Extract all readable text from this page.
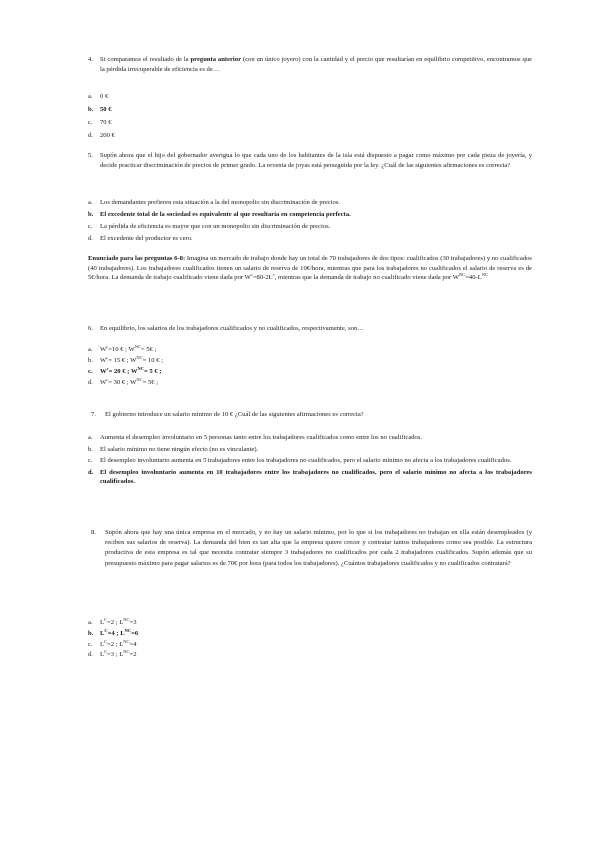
4.	Si comparamos el resultado de la pregunta anterior (con un único joyero) con la cantidad y el precio que resultarían en equilibrio competitivo, encontramos que la pérdida irrecuperable de eficiencia es de…
a.	0 €
b.	50 €
c.	70 €
d.	200 €
5.	Supón ahora que el hijo del gobernador averigua lo que cada uno de los habitantes de la isla está dispuesto a pagar como máximo por cada pieza de joyería, y decide practicar discriminación de precios de primer grado. La reventa de joyas está perseguida por la ley. ¿Cuál de las siguientes afirmaciones es correcta?
a.	Los demandantes prefieren esta situación a la del monopolio sin discriminación de precios.
b.	El excedente total de la sociedad es equivalente al que resultaría en competencia perfecta.
c.	La pérdida de eficiencia es mayor que con un monopolio sin discriminación de precios.
d.	El excedente del productor es cero.
Enunciado para las preguntas 6-8: Imagina un mercado de trabajo donde hay un total de 70 trabajadores de dos tipos: cualificados (30 trabajadores) y no cualificados (40 trabajadores). Los trabajadores cualificados tienen un salario de reserva de 10€/hora, mientras que para los trabajadores no cualificados el salario de reserva es de 5€/hora. La demanda de trabajo cualificado viene dada por $W^c=80-2L^c$, mientras que la demanda de trabajo no cualificado viene dada por $W^{NC}=40-L^{NC}$
6.	En equilibrio, los salarios de los trabajadores cualificados y no cualificados, respectivamente, son…
a.	$W^c=10$ € ; $W^{NC}=$ 5€ ;
b.	$W^c= 15$ € ; $W^{NC}= 10$ € ;
c.	$W^c= 20$ € ; $W^{NC}= 5$ € ;
d.	$W^c= 30$ € ; $W^{NC}=$ 5€ ;
7.	El gobierno introduce un salario mínimo de 10 € ¿Cuál de las siguientes afirmaciones es correcta?
a.	Aumenta el desempleo involuntario en 5 personas tanto entre los trabajadores cualificados como entre los no cualificados.
b.	El salario mínimo no tiene ningún efecto (no es vinculante).
c.	El desempleo involuntario aumenta en 5 trabajadores entre los trabajadores no cualificados, pero el salario mínimo no afecta a los trabajadores cualificados.
d.	El desempleo involuntario aumenta en 10 trabajadores entre los trabajadores no cualificados, pero el salario mínimo no afecta a los trabajadores cualificados.
8.	Supón ahora que hay una única empresa en el mercado, y no hay un salario mínimo, por lo que si los trabajadores no trabajan en ella están desempleados (y reciben sus salarios de reserva). La demanda del bien es tan alta que la empresa quiere crecer y contratar tantos trabajadores como sea posible. La estructura productiva de esta empresa es tal que necesita contratar siempre 3 trabajadores no cualificados por cada 2 trabajadores cualificados. Supón además que su presupuesto máximo para pagar salarios es de 70€ por hora (para todos los trabajadores). ¿Cuántos trabajadores cualificados y no cualificados contratará?
a.	$L^C=2$ ; $L^{NC}=3$
b.	$L^C=4$ ; $L^{NC}=6$
c.	$L^C=2$ ; $L^{NC}=4$
d.	$L^C=3$ ; $L^{NC}=2$
